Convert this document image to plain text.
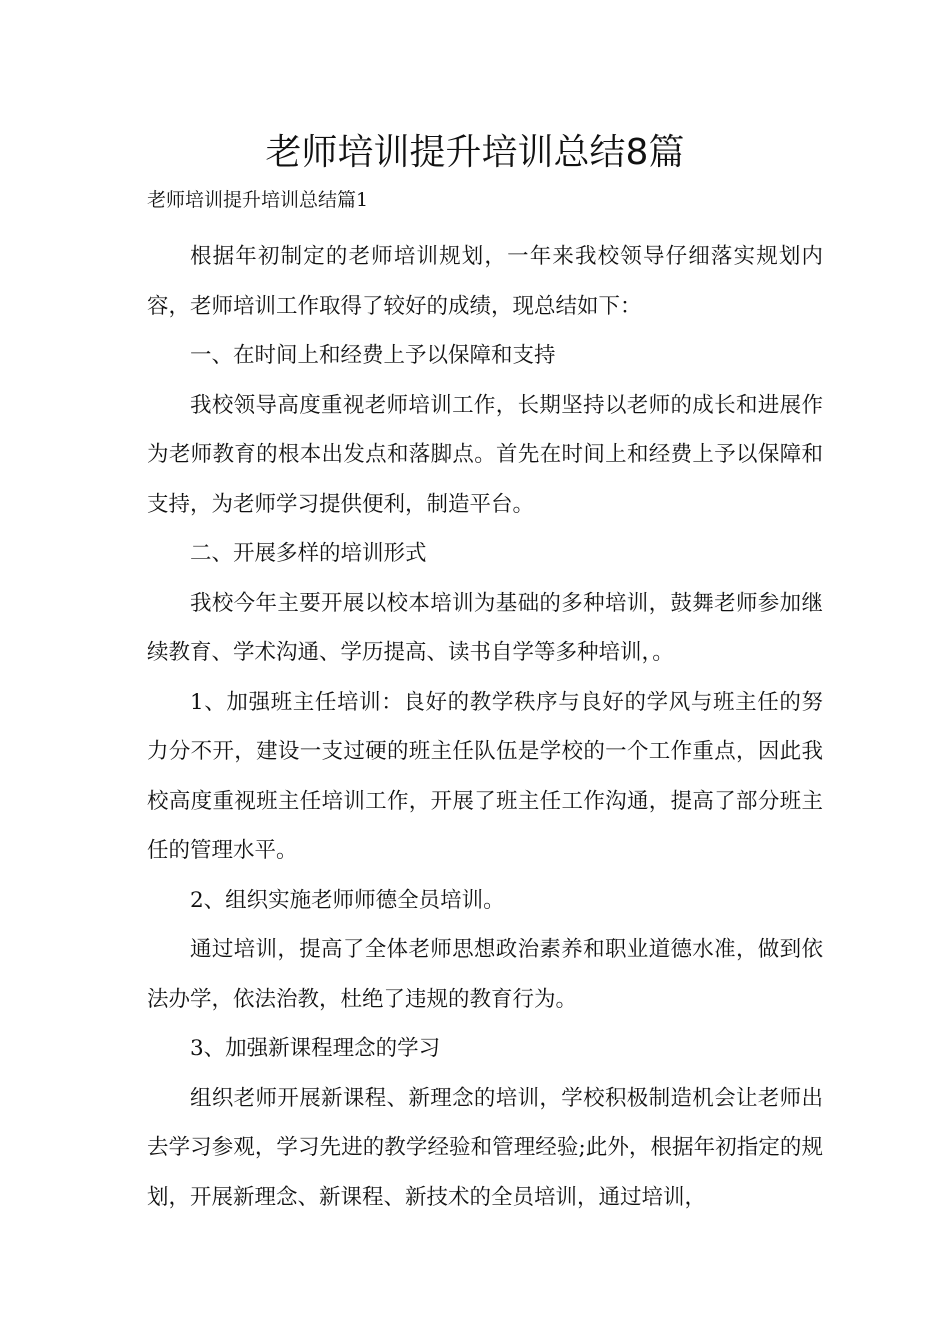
老师培训提升培训总结8篇

老师培训提升培训总结篇1

根据年初制定的老师培训规划，一年来我校领导仔细落实规划内容，老师培训工作取得了较好的成绩，现总结如下：

一、在时间上和经费上予以保障和支持

我校领导高度重视老师培训工作，长期坚持以老师的成长和进展作为老师教育的根本出发点和落脚点。首先在时间上和经费上予以保障和支持，为老师学习提供便利，制造平台。

二、开展多样的培训形式

我校今年主要开展以校本培训为基础的多种培训，鼓舞老师参加继续教育、学术沟通、学历提高、读书自学等多种培训，。

1、加强班主任培训：良好的教学秩序与良好的学风与班主任的努力分不开，建设一支过硬的班主任队伍是学校的一个工作重点，因此我校高度重视班主任培训工作，开展了班主任工作沟通，提高了部分班主任的管理水平。

2、组织实施老师师德全员培训。

通过培训，提高了全体老师思想政治素养和职业道德水准，做到依法办学，依法治教，杜绝了违规的教育行为。

3、加强新课程理念的学习

组织老师开展新课程、新理念的培训，学校积极制造机会让老师出去学习参观，学习先进的教学经验和管理经验;此外，根据年初指定的规划，开展新理念、新课程、新技术的全员培训，通过培训，
